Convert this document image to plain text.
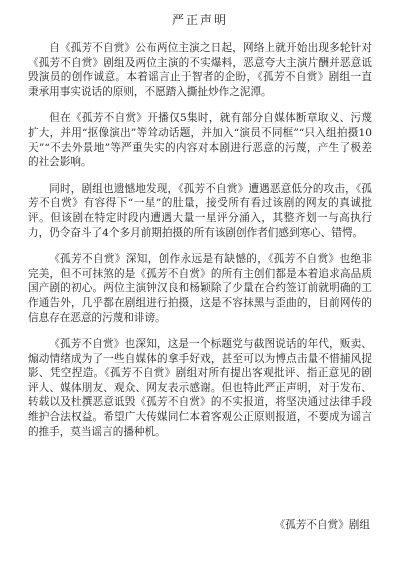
严正声明

自《孤芳不自赏》公布两位主演之日起，网络上就开始出现多轮针对《孤芳不自赏》剧组及两位主演的不实爆料，恶意夸大主演片酬并恶意诋毁演员的创作诚意。本着谣言止于智者的企盼，《孤芳不自赏》剧组一直秉承用事实说话的原则，不愿踏入撕扯炒作之泥潭。

但在《孤芳不自赏》开播仅5集时，就有部分自媒体断章取义、污蔑扩大，并用“抠像演出”等耸动话题，并加入“演员不同框”“只入组拍摄10天”“不去外景地”等严重失实的内容对本剧进行恶意的污蔑，产生了极差的社会影响。

同时，剧组也遗憾地发现，《孤芳不自赏》遭遇恶意低分的攻击，《孤芳不自赏》有容得下“一星”的肚量，接受所有看过该剧的网友的真诚批评。但该剧在特定时段内遭遇大量一星评分涌入，其整齐划一与高执行力，仍令奋斗了4个多月前期拍摄的所有该剧创作者们感到寒心、错愕。

《孤芳不自赏》深知，创作永远是有缺憾的，《孤芳不自赏》也绝非完美，但不可抹煞的是《孤芳不自赏》的所有主创们都是本着追求高品质国产剧的初心。两位主演钟汉良和杨颖除了少量在合约签订前就明确的工作通告外，几乎都在剧组进行拍摄，这是不容抹黑与歪曲的，目前网传的信息存在恶意的污蔑和诽谤。

《孤芳不自赏》也深知，这是一个标题党与截图说话的年代，贩卖、煽动情绪成为了一些自媒体的拿手好戏，甚至可以为博点击量不惜捕风捉影、凭空捏造。《孤芳不自赏》剧组对所有提出客观批评、指正意见的剧评人、媒体朋友、观众、网友表示感谢。但也特此严正声明，对于发布、转载以及杜撰恶意诋毁《孤芳不自赏》的不实报道，将坚决通过法律手段维护合法权益。希望广大传媒同仁本着客观公正原则报道，不要成为谣言的推手，莫当谣言的播种机。

《孤芳不自赏》剧组
